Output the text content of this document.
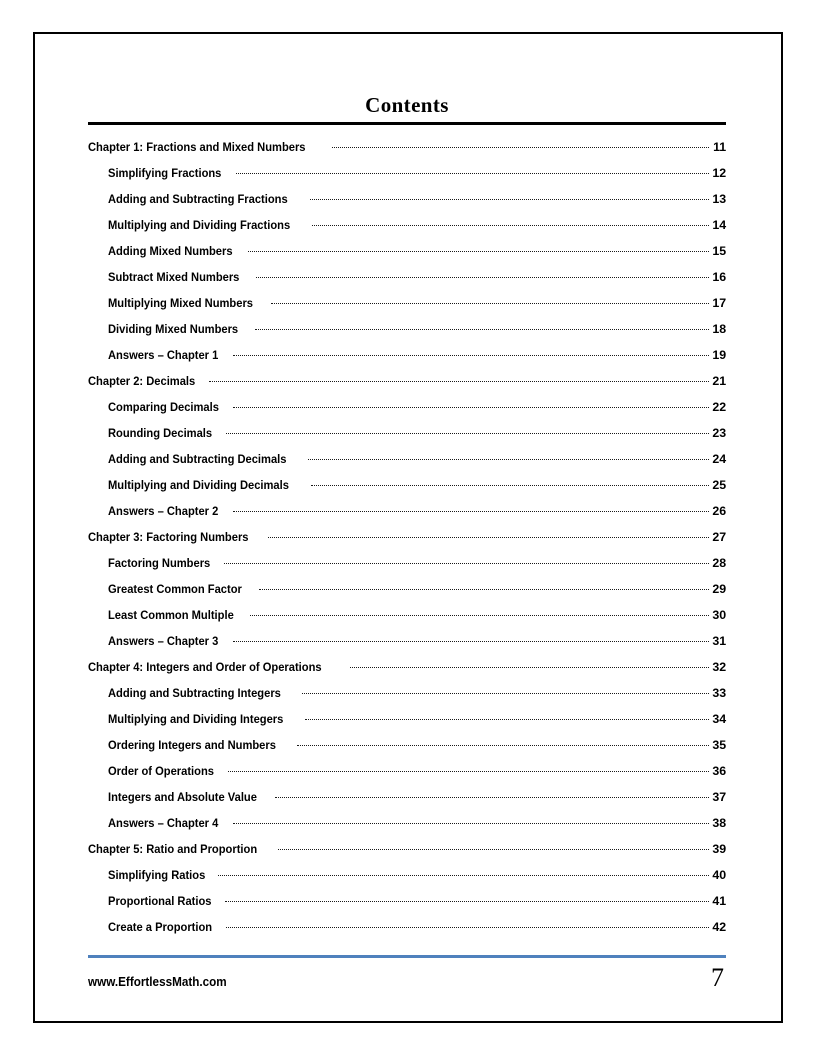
Contents
Chapter 1: Fractions and Mixed Numbers	11
Simplifying Fractions	12
Adding and Subtracting Fractions	13
Multiplying and Dividing Fractions	14
Adding Mixed Numbers	15
Subtract Mixed Numbers	16
Multiplying Mixed Numbers	17
Dividing Mixed Numbers	18
Answers – Chapter 1	19
Chapter 2: Decimals	21
Comparing Decimals	22
Rounding Decimals	23
Adding and Subtracting Decimals	24
Multiplying and Dividing Decimals	25
Answers – Chapter 2	26
Chapter 3: Factoring Numbers	27
Factoring Numbers	28
Greatest Common Factor	29
Least Common Multiple	30
Answers – Chapter 3	31
Chapter 4: Integers and Order of Operations	32
Adding and Subtracting Integers	33
Multiplying and Dividing Integers	34
Ordering Integers and Numbers	35
Order of Operations	36
Integers and Absolute Value	37
Answers – Chapter 4	38
Chapter 5: Ratio and Proportion	39
Simplifying Ratios	40
Proportional Ratios	41
Create a Proportion	42
www.EffortlessMath.com	7
